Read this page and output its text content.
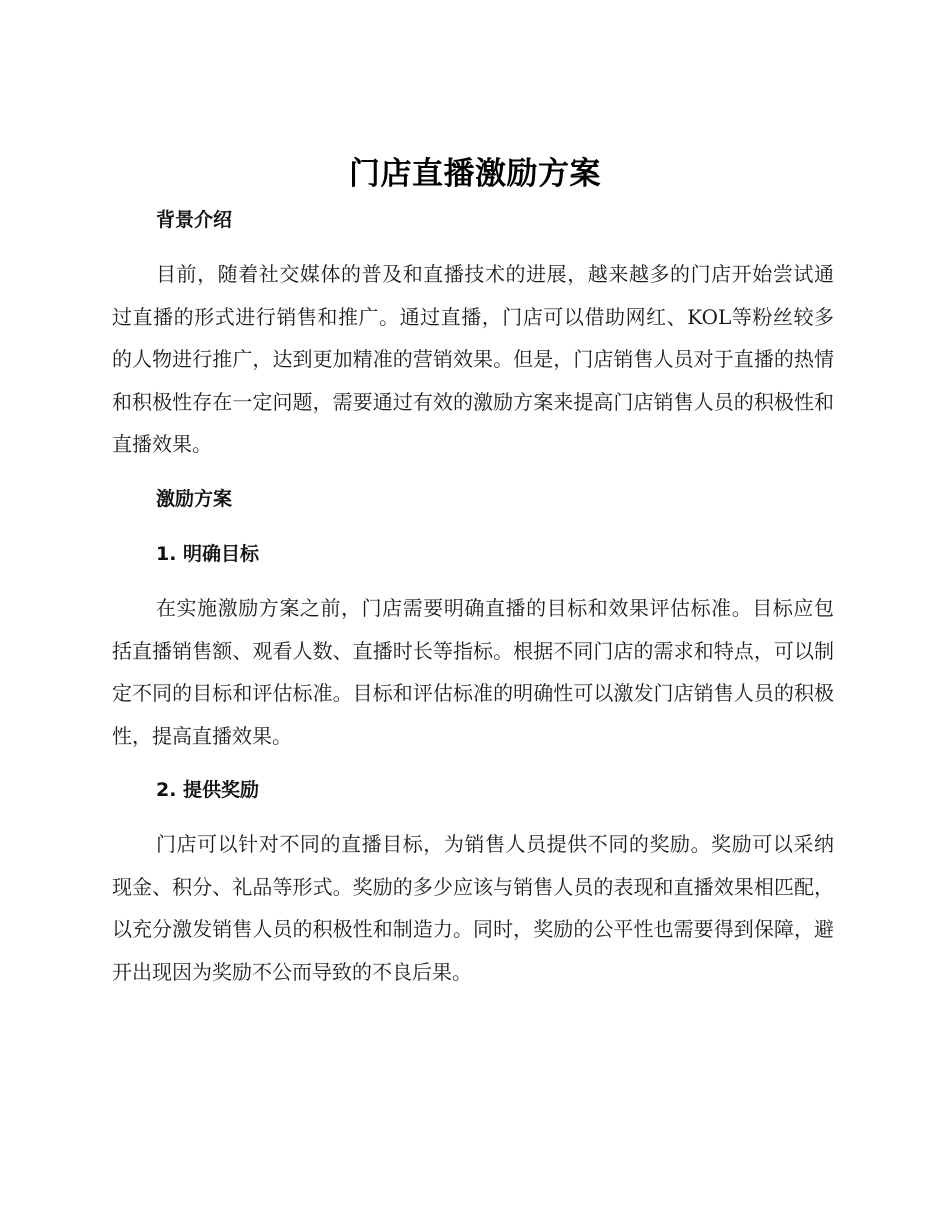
门店直播激励方案
背景介绍
目前，随着社交媒体的普及和直播技术的进展，越来越多的门店开始尝试通过直播的形式进行销售和推广。通过直播，门店可以借助网红、KOL等粉丝较多的人物进行推广，达到更加精准的营销效果。但是，门店销售人员对于直播的热情和积极性存在一定问题，需要通过有效的激励方案来提高门店销售人员的积极性和直播效果。
激励方案
1. 明确目标
在实施激励方案之前，门店需要明确直播的目标和效果评估标准。目标应包括直播销售额、观看人数、直播时长等指标。根据不同门店的需求和特点，可以制定不同的目标和评估标准。目标和评估标准的明确性可以激发门店销售人员的积极性，提高直播效果。
2. 提供奖励
门店可以针对不同的直播目标，为销售人员提供不同的奖励。奖励可以采纳现金、积分、礼品等形式。奖励的多少应该与销售人员的表现和直播效果相匹配，以充分激发销售人员的积极性和制造力。同时，奖励的公平性也需要得到保障，避开出现因为奖励不公而导致的不良后果。
